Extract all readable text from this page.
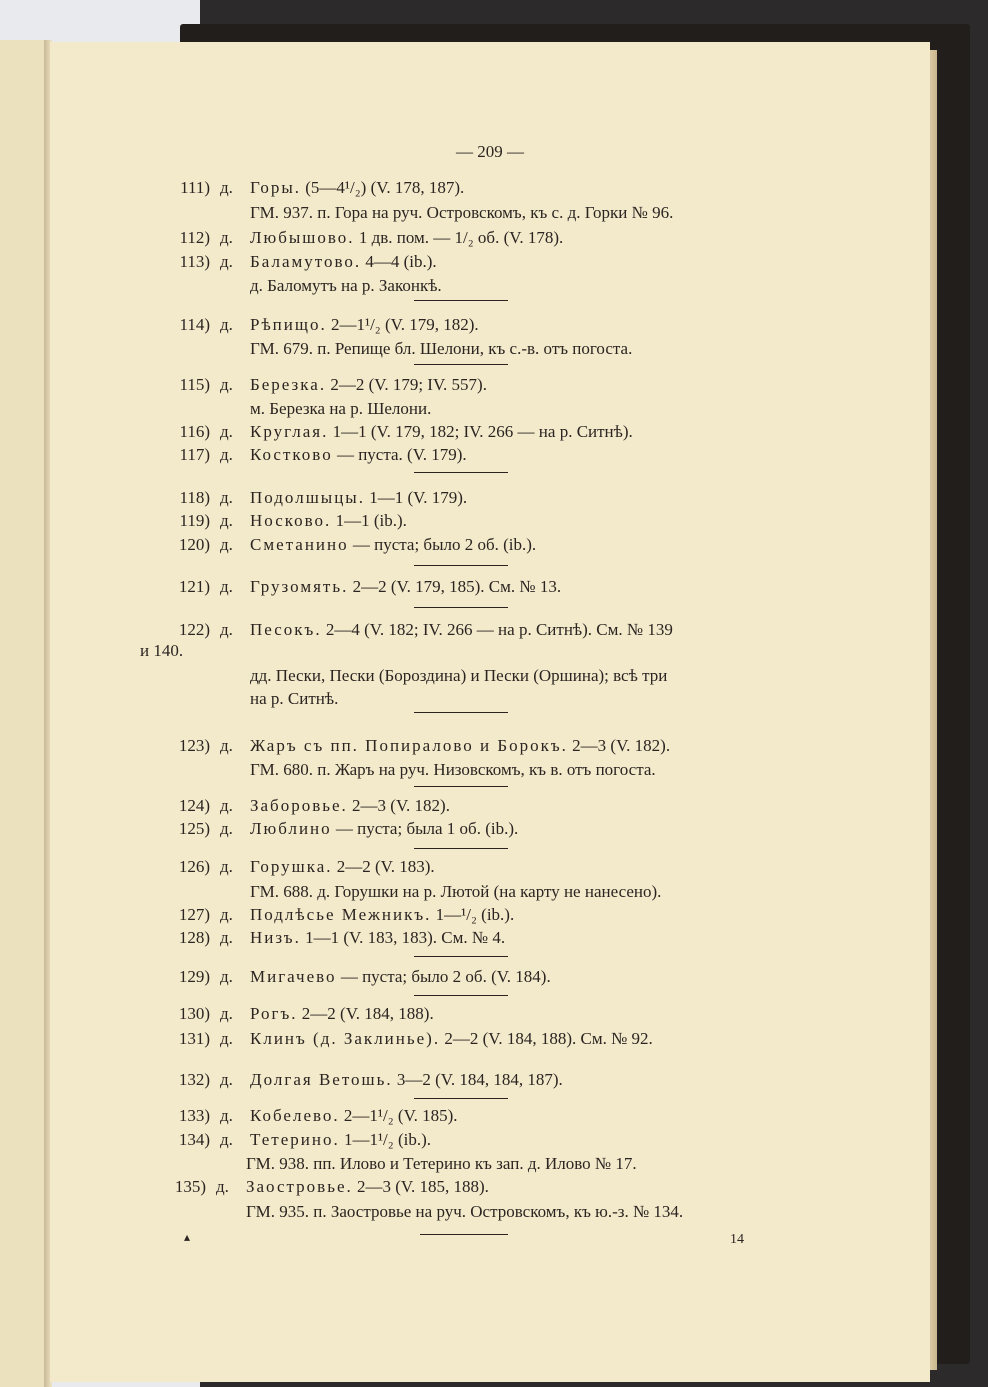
— 209 —
111) д. Горы. (5—4¹/₂) (V. 178, 187).
ГМ. 937. п. Гора на руч. Островскомъ, къ с. д. Горки № 96.
112) д. Любышово. 1 дв. пом. — 1/₂ об. (V. 178).
113) д. Баламутово. 4—4 (ib.).
д. Баломутъ на р. Законкѣ.
114) д. Рѣпищо. 2—1¹/₂ (V. 179, 182).
ГМ. 679. п. Репище бл. Шелони, къ с.-в. отъ погоста.
115) д. Березка. 2—2 (V. 179; IV. 557).
м. Березка на р. Шелони.
116) д. Круглая. 1—1 (V. 179, 182; IV. 266 — на р. Ситнѣ).
117) д. Костково — пуста. (V. 179).
118) д. Подолшыцы. 1—1 (V. 179).
119) д. Носково. 1—1 (ib.).
120) д. Сметанино — пуста; было 2 об. (ib.).
121) д. Грузомять. 2—2 (V. 179, 185). См. № 13.
122) д. Песокъ. 2—4 (V. 182; IV. 266 — на р. Ситнѣ). См. № 139
и 140.
дд. Пески, Пески (Бороздина) и Пески (Оршина); всѣ три
на р. Ситнѣ.
123) д. Жаръ съ пп. Попиралово и Борокъ. 2—3 (V. 182).
ГМ. 680. п. Жаръ на руч. Низовскомъ, къ в. отъ погоста.
124) д. Заборовье. 2—3 (V. 182).
125) д. Люблино — пуста; была 1 об. (ib.).
126) д. Горушка. 2—2 (V. 183).
ГМ. 688. д. Горушки на р. Лютой (на карту не нанесено).
127) д. Подлѣсье Межникъ. 1—¹/₂ (ib.).
128) д. Низъ. 1—1 (V. 183, 183). См. № 4.
129) д. Мигачево — пуста; было 2 об. (V. 184).
130) д. Рогъ. 2—2 (V. 184, 188).
131) д. Клинъ (д. Заклинье). 2—2 (V. 184, 188). См. № 92.
132) д. Долгая Ветошь. 3—2 (V. 184, 184, 187).
133) д. Кобелево. 2—1¹/₂ (V. 185).
134) д. Тетерино. 1—1¹/₂ (ib.).
ГМ. 938. пп. Илово и Тетерино къ зап. д. Илово № 17.
135) д. Заостровье. 2—3 (V. 185, 188).
ГМ. 935. п. Заостровье на руч. Островскомъ, къ ю.-з. № 134.
▴	14
